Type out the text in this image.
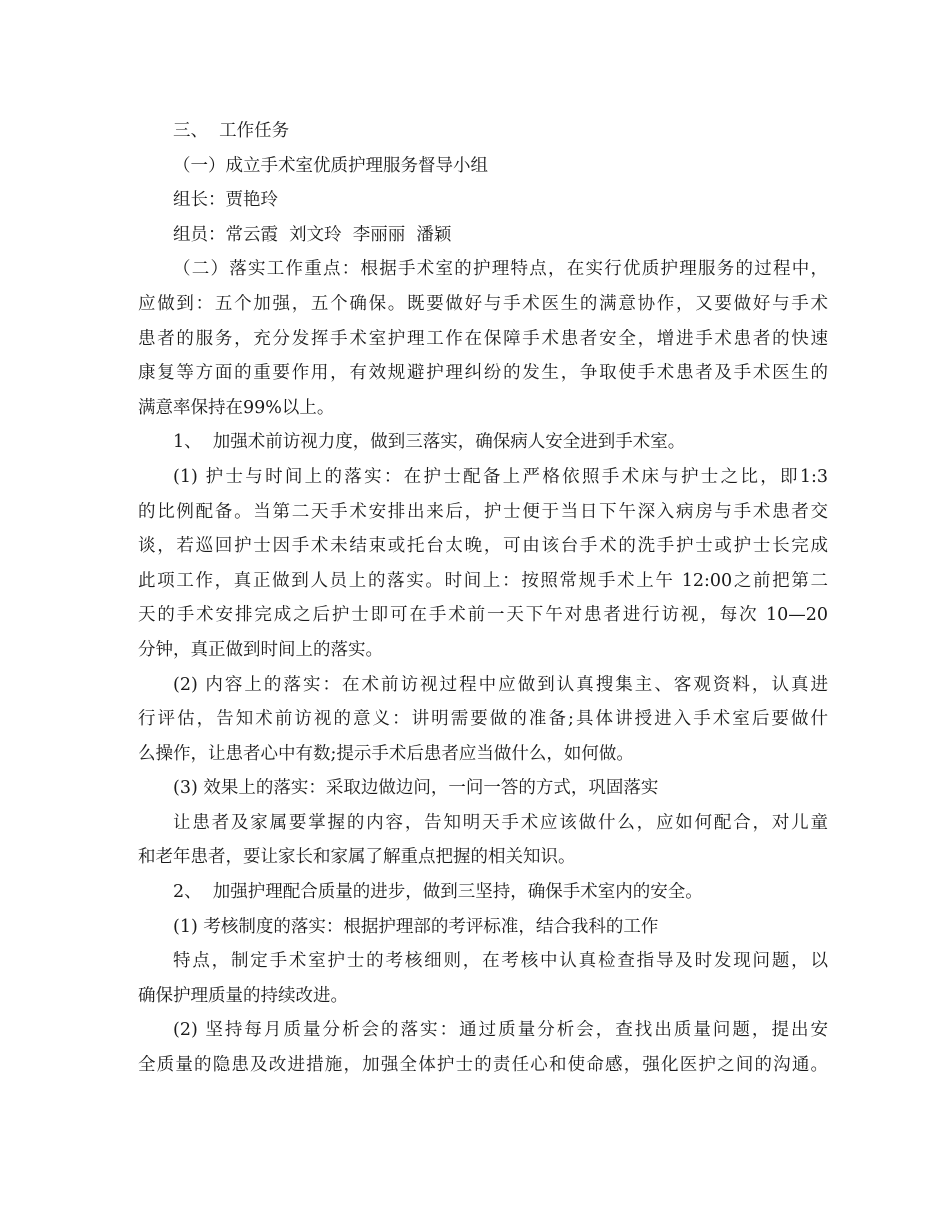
三、  工作任务
（一）成立手术室优质护理服务督导小组
组长：贾艳玲
组员：常云霞  刘文玲  李丽丽  潘颖
（二）落实工作重点：根据手术室的护理特点，在实行优质护理服务的过程中，
应做到：五个加强，五个确保。既要做好与手术医生的满意协作，又要做好与手术
患者的服务，充分发挥手术室护理工作在保障手术患者安全，增进手术患者的快速
康复等方面的重要作用，有效规避护理纠纷的发生，争取使手术患者及手术医生的
满意率保持在99%以上。
1、  加强术前访视力度，做到三落实，确保病人安全进到手术室。
(1) 护士与时间上的落实：在护士配备上严格依照手术床与护士之比，即1:3
的比例配备。当第二天手术安排出来后，护士便于当日下午深入病房与手术患者交
谈，若巡回护士因手术未结束或托台太晚，可由该台手术的洗手护士或护士长完成
此项工作，真正做到人员上的落实。时间上：按照常规手术上午 12:00之前把第二
天的手术安排完成之后护士即可在手术前一天下午对患者进行访视，每次 10—20
分钟，真正做到时间上的落实。
(2) 内容上的落实：在术前访视过程中应做到认真搜集主、客观资料，认真进
行评估，告知术前访视的意义：讲明需要做的准备;具体讲授进入手术室后要做什
么操作，让患者心中有数;提示手术后患者应当做什么，如何做。
(3) 效果上的落实：采取边做边问，一问一答的方式，巩固落实
让患者及家属要掌握的内容，告知明天手术应该做什么，应如何配合，对儿童
和老年患者，要让家长和家属了解重点把握的相关知识。
2、  加强护理配合质量的进步，做到三坚持，确保手术室内的安全。
(1) 考核制度的落实：根据护理部的考评标准，结合我科的工作
特点，制定手术室护士的考核细则，在考核中认真检查指导及时发现问题，以
确保护理质量的持续改进。
(2) 坚持每月质量分析会的落实：通过质量分析会，查找出质量问题，提出安
全质量的隐患及改进措施，加强全体护士的责任心和使命感，强化医护之间的沟通。
